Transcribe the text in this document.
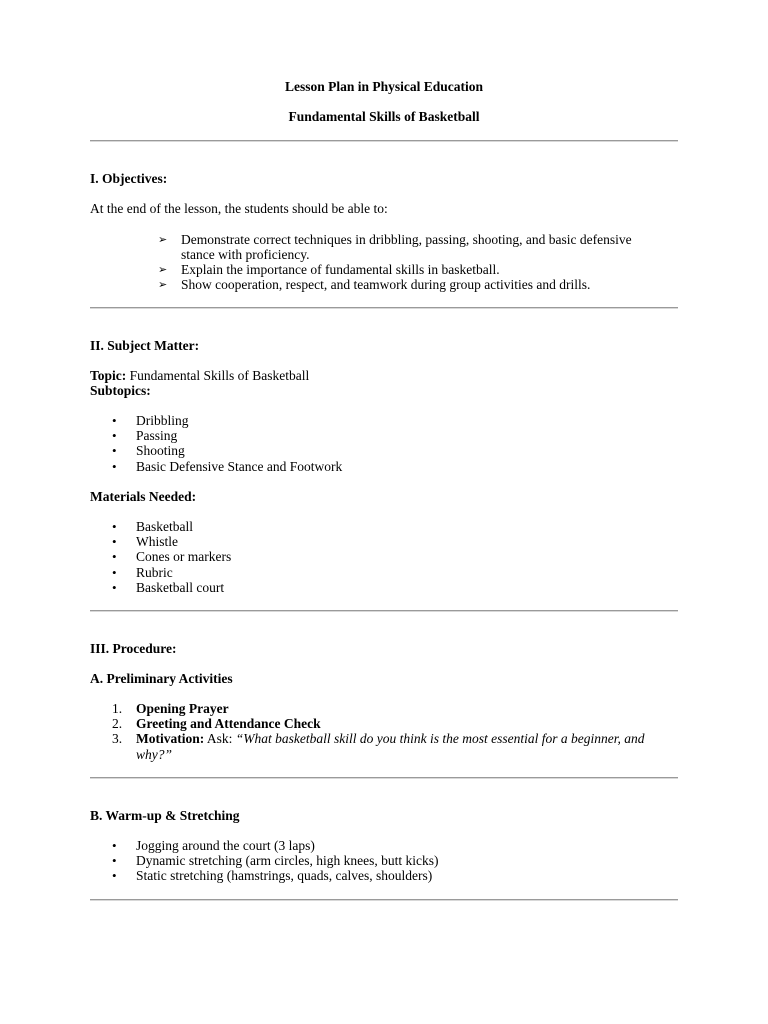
Lesson Plan in Physical Education

Fundamental Skills of Basketball

I. Objectives:

At the end of the lesson, the students should be able to:

➢ Demonstrate correct techniques in dribbling, passing, shooting, and basic defensive stance with proficiency.
➢ Explain the importance of fundamental skills in basketball.
➢ Show cooperation, respect, and teamwork during group activities and drills.

II. Subject Matter:

Topic: Fundamental Skills of Basketball

Subtopics:

• Dribbling
• Passing
• Shooting
• Basic Defensive Stance and Footwork

Materials Needed:

• Basketball
• Whistle
• Cones or markers
• Rubric
• Basketball court

III. Procedure:

A. Preliminary Activities

1. Opening Prayer
2. Greeting and Attendance Check
3. Motivation: Ask: “What basketball skill do you think is the most essential for a beginner, and why?”

B. Warm-up & Stretching

• Jogging around the court (3 laps)
• Dynamic stretching (arm circles, high knees, butt kicks)
• Static stretching (hamstrings, quads, calves, shoulders)
